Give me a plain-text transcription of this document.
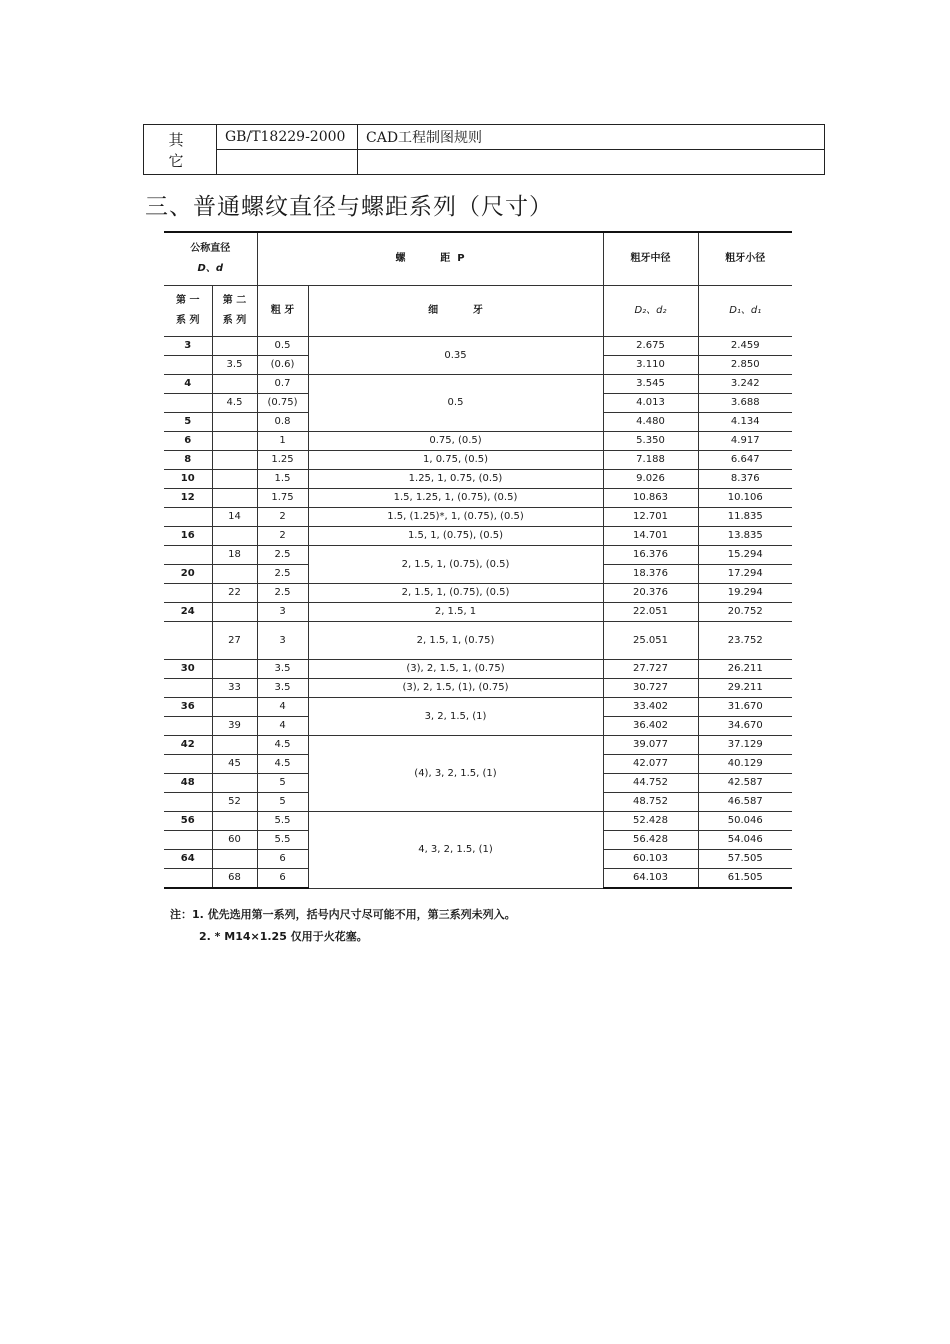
其 它	GB/T18229-2000	CAD工程制图规则

三、普通螺纹直径与螺距系列（尺寸）
公称直径
D、d		螺          距  P		粗牙中径	粗牙小径
第 一 系 列	第 二 系 列	粗 牙	细          牙	D₂、d₂	D₁、d₁
3		0.5	0.35	2.675	2.459
	3.5	(0.6)		3.110	2.850
4		0.7	0.5	3.545	3.242
	4.5	(0.75)		4.013	3.688
5		0.8		4.480	4.134
6		1	0.75, (0.5)	5.350	4.917
8		1.25	1, 0.75, (0.5)	7.188	6.647
10		1.5	1.25, 1, 0.75, (0.5)	9.026	8.376
12		1.75	1.5, 1.25, 1, (0.75), (0.5)	10.863	10.106
	14	2	1.5, (1.25)*, 1, (0.75), (0.5)	12.701	11.835
16		2	1.5, 1, (0.75), (0.5)	14.701	13.835
	18	2.5	2, 1.5, 1, (0.75), (0.5)	16.376	15.294
20		2.5		18.376	17.294
	22	2.5	2, 1.5, 1, (0.75), (0.5)	20.376	19.294
24		3	2, 1.5, 1	22.051	20.752
	27	3	2, 1.5, 1, (0.75)	25.051	23.752
30		3.5	(3), 2, 1.5, 1, (0.75)	27.727	26.211
	33	3.5	(3), 2, 1.5, (1), (0.75)	30.727	29.211
36		4	3, 2, 1.5, (1)	33.402	31.670
	39	4		36.402	34.670
42		4.5	(4), 3, 2, 1.5, (1)	39.077	37.129
	45	4.5		42.077	40.129
48		5		44.752	42.587
	52	5		48.752	46.587
56		5.5	4, 3, 2, 1.5, (1)	52.428	50.046
	60	5.5		56.428	54.046
64		6		60.103	57.505
	68	6		64.103	61.505
注：1. 优先选用第一系列，括号内尺寸尽可能不用，第三系列未列入。
2. * M14×1.25 仅用于火花塞。
